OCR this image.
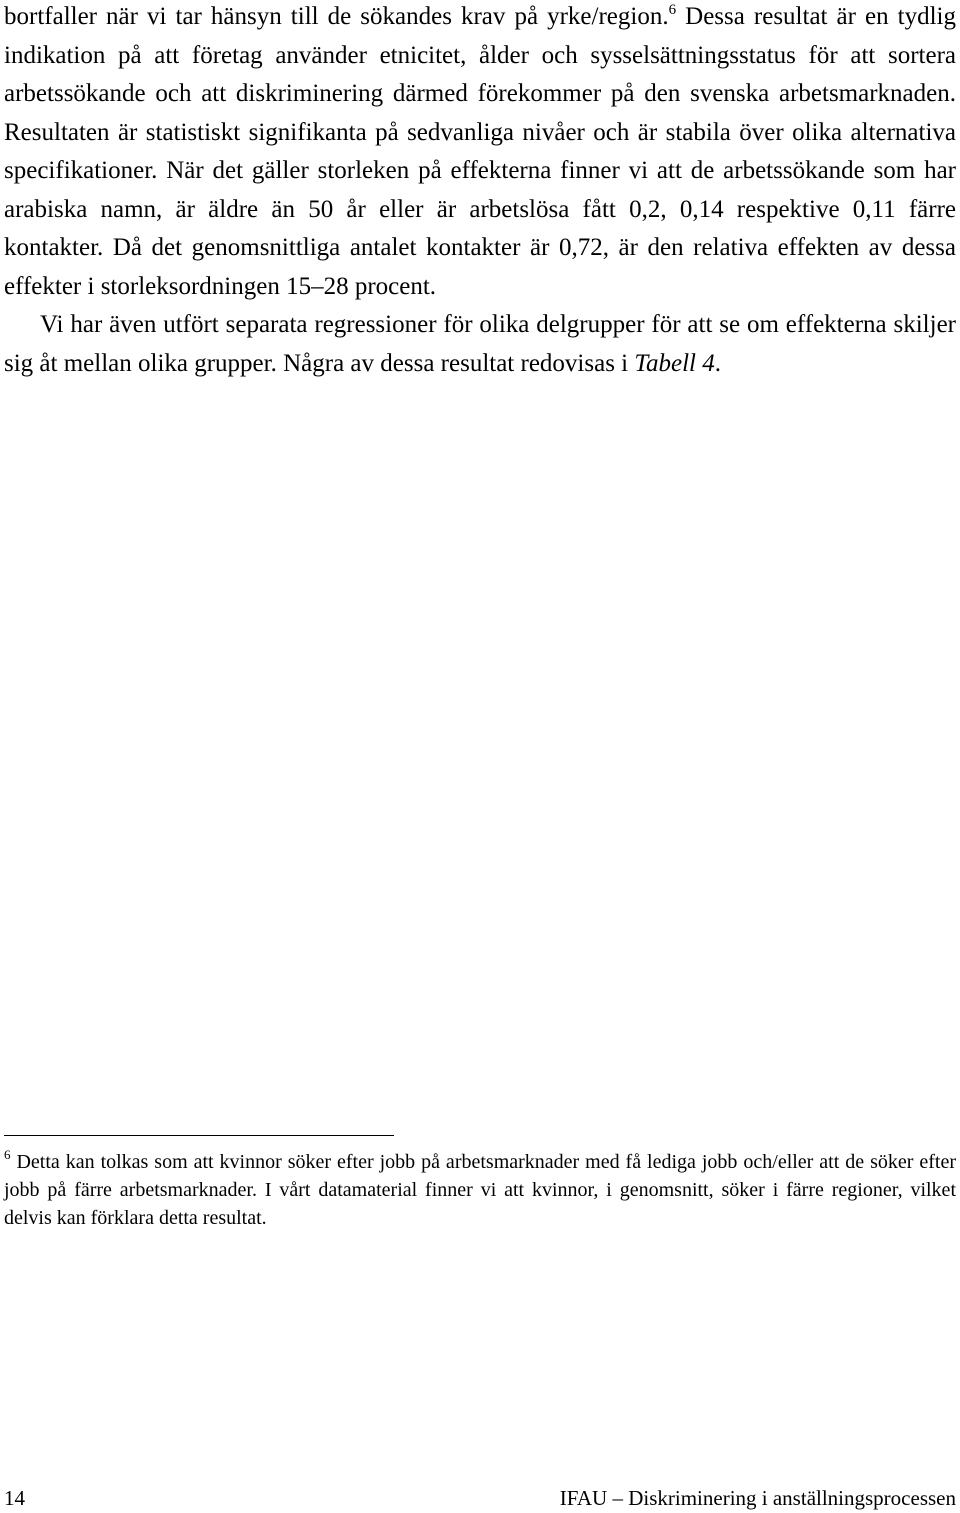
bortfaller när vi tar hänsyn till de sökandes krav på yrke/region.$^6$ Dessa resultat är en tydlig indikation på att företag använder etnicitet, ålder och sysselsättningsstatus för att sortera arbetssökande och att diskriminering därmed förekommer på den svenska arbetsmarknaden. Resultaten är statistiskt signifikanta på sedvanliga nivåer och är stabila över olika alternativa specifikationer. När det gäller storleken på effekterna finner vi att de arbetssökande som har arabiska namn, är äldre än 50 år eller är arbetslösa fått 0,2, 0,14 respektive 0,11 färre kontakter. Då det genomsnittliga antalet kontakter är 0,72, är den relativa effekten av dessa effekter i storleksordningen 15–28 procent.

Vi har även utfört separata regressioner för olika delgrupper för att se om effekterna skiljer sig åt mellan olika grupper. Några av dessa resultat redovisas i Tabell 4.

$^6$ Detta kan tolkas som att kvinnor söker efter jobb på arbetsmarknader med få lediga jobb och/eller att de söker efter jobb på färre arbetsmarknader. I vårt datamaterial finner vi att kvinnor, i genomsnitt, söker i färre regioner, vilket delvis kan förklara detta resultat.

14	IFAU – Diskriminering i anställningsprocessen
